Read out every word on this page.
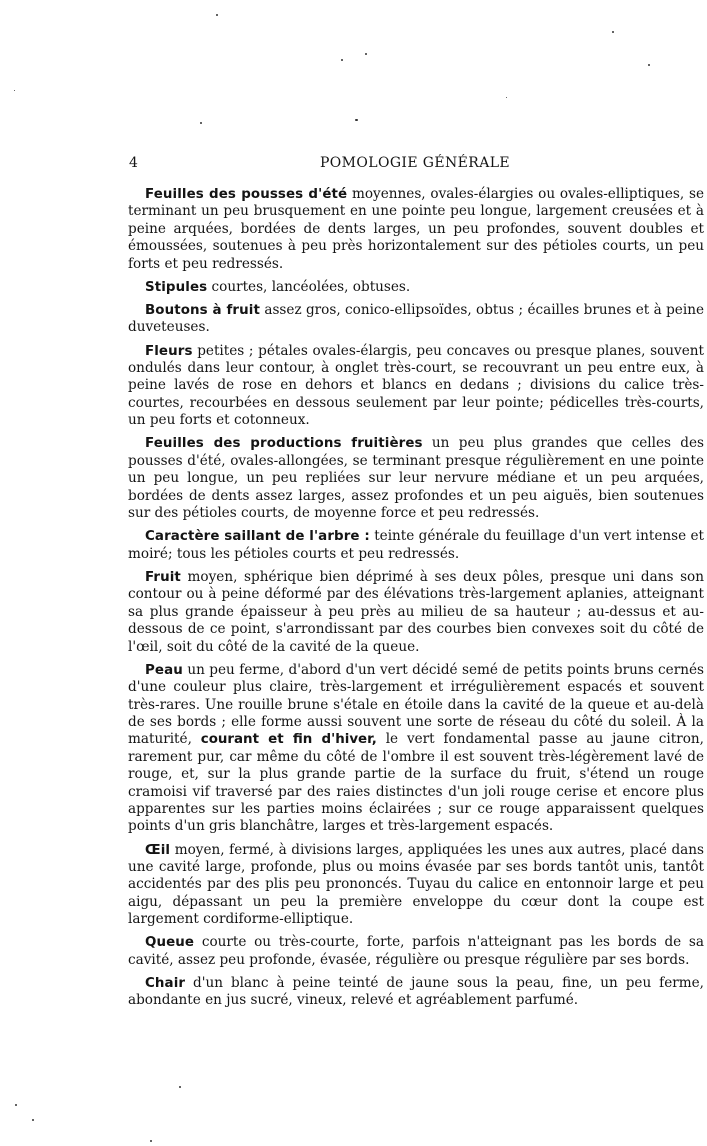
4	POMOLOGIE GÉNÉRALE

Feuilles des pousses d'été moyennes, ovales-élargies ou ovales-elliptiques, se terminant un peu brusquement en une pointe peu longue, largement creusées et à peine arquées, bordées de dents larges, un peu profondes, souvent doubles et émoussées, soutenues à peu près horizontalement sur des pétioles courts, un peu forts et peu redressés.

Stipules courtes, lancéolées, obtuses.

Boutons à fruit assez gros, conico-ellipsoïdes, obtus ; écailles brunes et à peine duveteuses.

Fleurs petites ; pétales ovales-élargis, peu concaves ou presque planes, souvent ondulés dans leur contour, à onglet très-court, se recouvrant un peu entre eux, à peine lavés de rose en dehors et blancs en dedans ; divisions du calice très-courtes, recourbées en dessous seulement par leur pointe; pédicelles très-courts, un peu forts et cotonneux.

Feuilles des productions fruitières un peu plus grandes que celles des pousses d'été, ovales-allongées, se terminant presque régulièrement en une pointe un peu longue, un peu repliées sur leur nervure médiane et un peu arquées, bordées de dents assez larges, assez profondes et un peu aiguës, bien soutenues sur des pétioles courts, de moyenne force et peu redressés.

Caractère saillant de l'arbre : teinte générale du feuillage d'un vert intense et moiré; tous les pétioles courts et peu redressés.

Fruit moyen, sphérique bien déprimé à ses deux pôles, presque uni dans son contour ou à peine déformé par des élévations très-largement aplanies, atteignant sa plus grande épaisseur à peu près au milieu de sa hauteur ; au-dessus et au-dessous de ce point, s'arrondissant par des courbes bien convexes soit du côté de l'œil, soit du côté de la cavité de la queue.

Peau un peu ferme, d'abord d'un vert décidé semé de petits points bruns cernés d'une couleur plus claire, très-largement et irrégulièrement espacés et souvent très-rares. Une rouille brune s'étale en étoile dans la cavité de la queue et au-delà de ses bords ; elle forme aussi souvent une sorte de réseau du côté du soleil. À la maturité, courant et fin d'hiver, le vert fondamental passe au jaune citron, rarement pur, car même du côté de l'ombre il est souvent très-légèrement lavé de rouge, et, sur la plus grande partie de la surface du fruit, s'étend un rouge cramoisi vif traversé par des raies distinctes d'un joli rouge cerise et encore plus apparentes sur les parties moins éclairées ; sur ce rouge apparaissent quelques points d'un gris blanchâtre, larges et très-largement espacés.

Œil moyen, fermé, à divisions larges, appliquées les unes aux autres, placé dans une cavité large, profonde, plus ou moins évasée par ses bords tantôt unis, tantôt accidentés par des plis peu prononcés. Tuyau du calice en entonnoir large et peu aigu, dépassant un peu la première enveloppe du cœur dont la coupe est largement cordiforme-elliptique.

Queue courte ou très-courte, forte, parfois n'atteignant pas les bords de sa cavité, assez peu profonde, évasée, régulière ou presque régulière par ses bords.

Chair d'un blanc à peine teinté de jaune sous la peau, fine, un peu ferme, abondante en jus sucré, vineux, relevé et agréablement parfumé.
